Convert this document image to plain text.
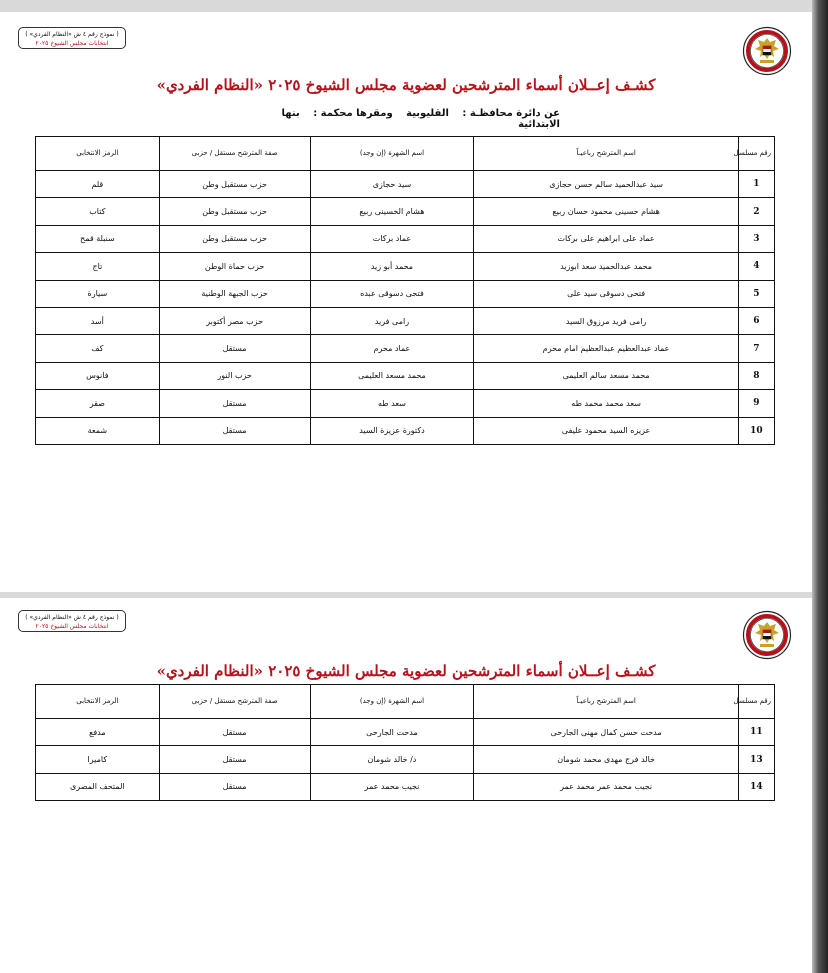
( نموذج رقم ٤ ش «النظام الفردي» )
انتخابات مجلس الشيوخ ٢٠٢٥
كشـف إعــلان أسماء المترشحين لعضوية مجلس الشيوخ ٢٠٢٥ «النظام الفردي»
عن دائرة محافظـة : القليوبية ومقرها محكمة : بنها الابتدائية
رقم مسلسل	اسم المترشح رباعيـاً	اسم الشهرة (إن وجد)	صفة المترشح مستقل / حزبى	الرمز الانتخابى
1	سيد عبدالحميد سالم حسن حجازى	سيد حجازى	حزب مستقبل وطن	قلم
2	هشام حسينى محمود حسان ربيع	هشام الحسينى ربيع	حزب مستقبل وطن	كتاب
3	عماد على ابراهيم على بركات	عماد بركات	حزب مستقبل وطن	سنبلة قمح
4	محمد عبدالحميد سعد ابوزيد	محمد أبو زيد	حزب حماة الوطن	تاج
5	فتحى دسوقى سيد على	فتحى دسوقى عبده	حزب الجبهة الوطنية	سيارة
6	رامى فريد مرزوق السيد	رامى فريد	حزب مصر أكتوبر	أسد
7	عماد عبدالعظيم عبدالعظيم امام محرم	عماد محرم	مستقل	كف
8	محمد مسعد سالم العليمى	محمد مسعد العليمى	حزب النور	فانوس
9	سعد محمد محمد طه	سعد طه	مستقل	صقر
10	عزيزه السيد محمود عليفى	دكتورة عزيزة السيد	مستقل	شمعة
( نموذج رقم ٤ ش «النظام الفردي» )
انتخابات مجلس الشيوخ ٢٠٢٥
كشـف إعــلان أسماء المترشحين لعضوية مجلس الشيوخ ٢٠٢٥ «النظام الفردي»
رقم مسلسل	اسم المترشح رباعيـاً	اسم الشهرة (إن وجد)	صفة المترشح مستقل / حزبى	الرمز الانتخابى
11	مدحت حسن كمال مهنى الجارحى	مدحت الجارحى	مستقل	مدفع
13	خالد فرج مهدى محمد شومان	د/ خالد شومان	مستقل	كاميرا
14	نجيب محمد عمر محمد عمر	نجيب محمد عمر	مستقل	المتحف المصرى
